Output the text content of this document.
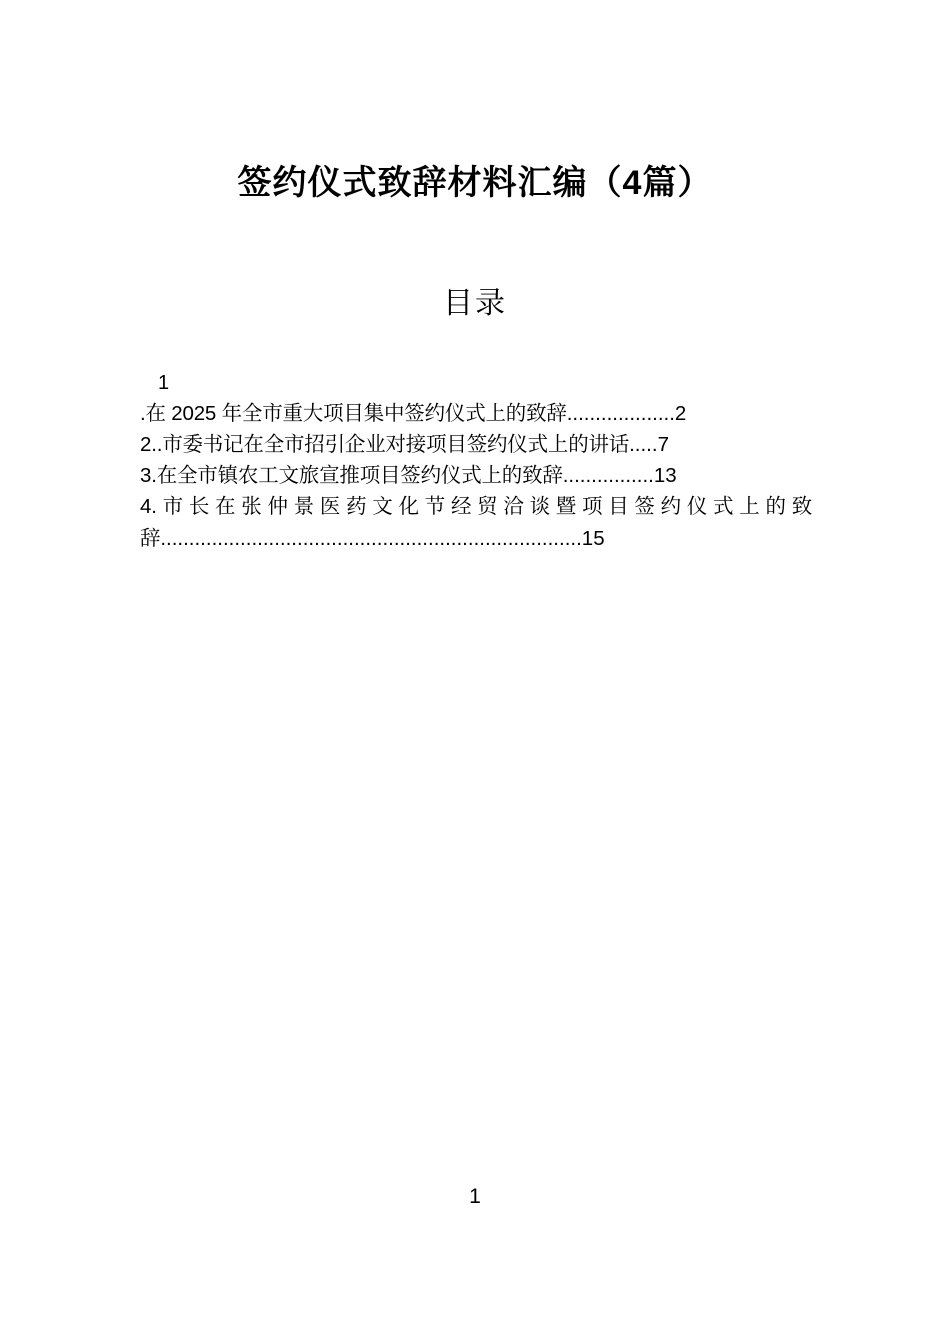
签约仪式致辞材料汇编（4篇）
目录
1
.在 2025 年全市重大项目集中签约仪式上的致辞...................2
2..市委书记在全市招引企业对接项目签约仪式上的讲话.....7
3.在全市镇农工文旅宣推项目签约仪式上的致辞................13
4.市长在张仲景医药文化节经贸洽谈暨项目签约仪式上的致辞..........................................................................15
1
